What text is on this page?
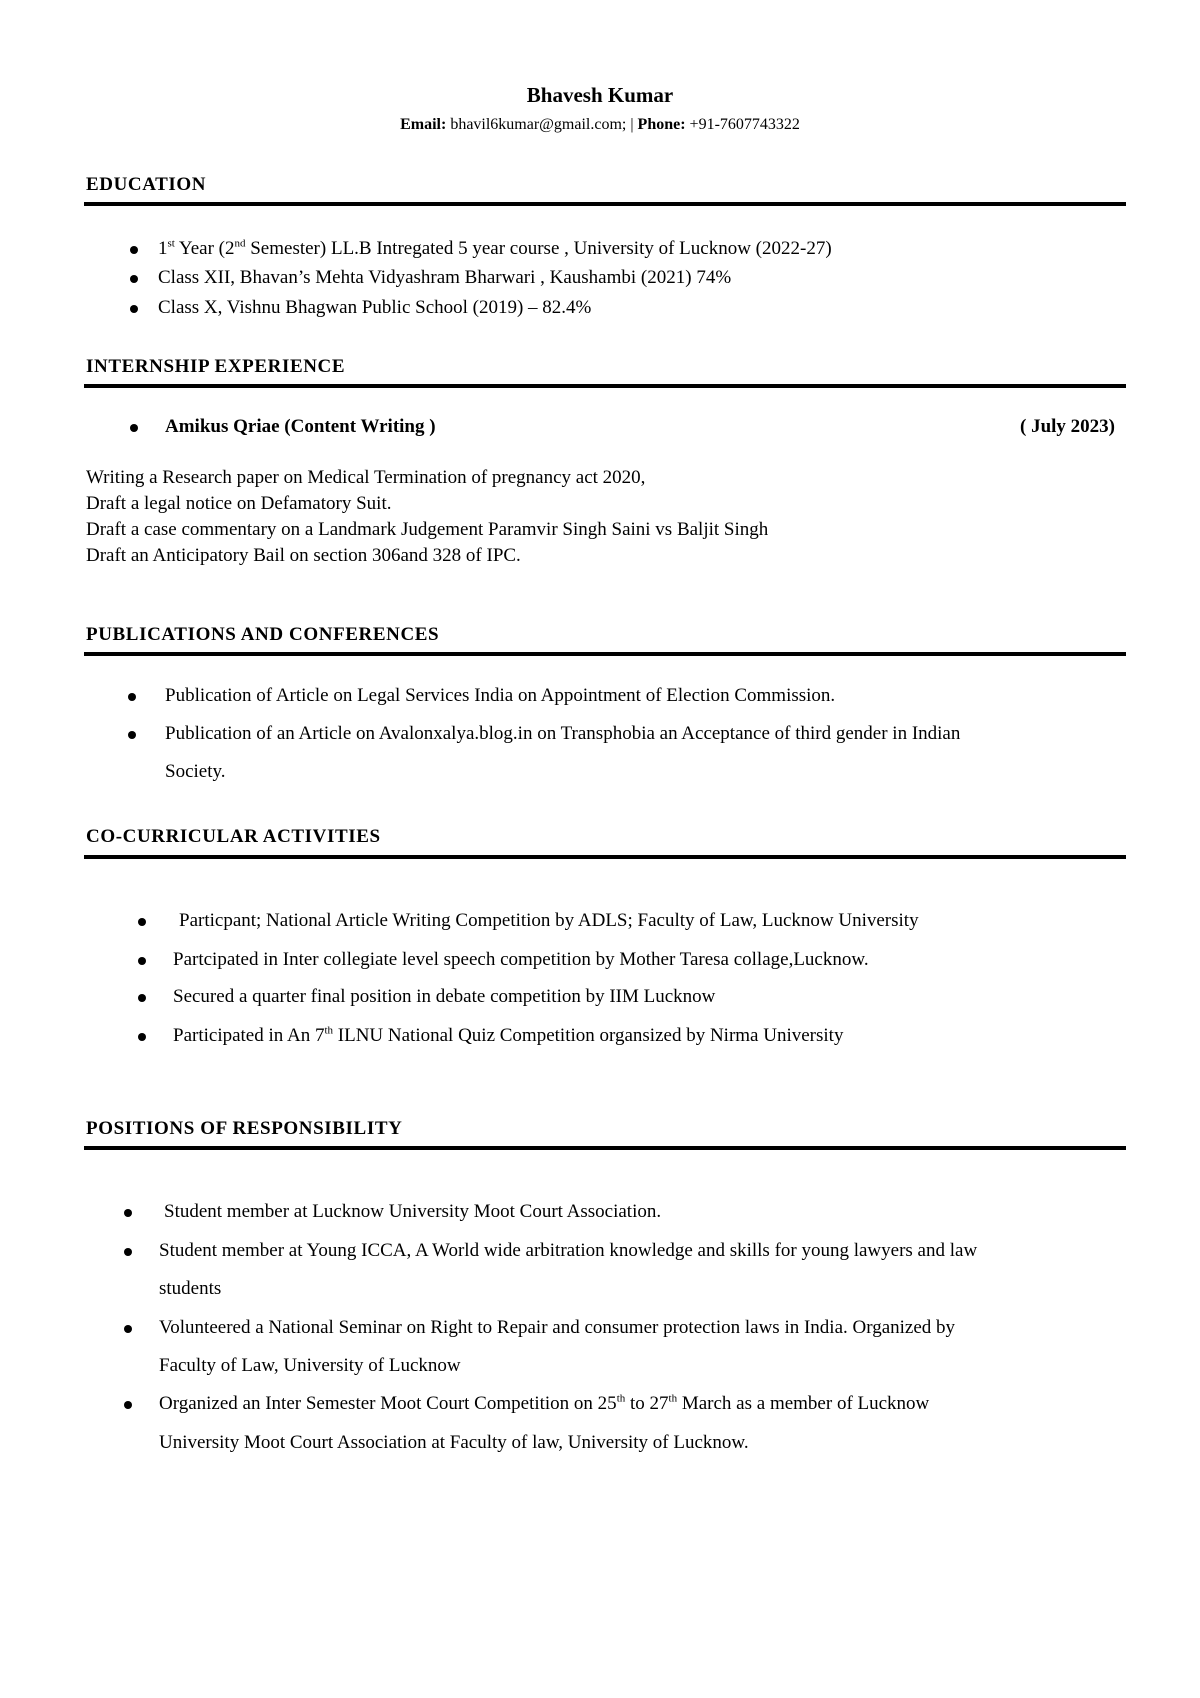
Bhavesh Kumar
Email: bhavil6kumar@gmail.com; | Phone: +91-7607743322
EDUCATION
1st Year (2nd Semester) LL.B Intregated 5 year course , University of Lucknow (2022-27)
Class XII, Bhavan’s Mehta Vidyashram Bharwari , Kaushambi (2021) 74%
Class X, Vishnu Bhagwan Public School (2019) – 82.4%
INTERNSHIP EXPERIENCE
Amikus Qriae (Content Writing )	( July 2023)
Writing a Research paper on Medical Termination of pregnancy act 2020,
Draft a legal notice on Defamatory Suit.
Draft a case commentary on a Landmark Judgement Paramvir Singh Saini vs Baljit Singh
Draft an Anticipatory Bail on section 306and 328 of IPC.
PUBLICATIONS AND CONFERENCES
Publication of Article on Legal Services India on Appointment of Election Commission.
Publication of an Article on Avalonxalya.blog.in on Transphobia an Acceptance of third gender in Indian
Society.
CO-CURRICULAR ACTIVITIES
Particpant; National Article Writing Competition by ADLS; Faculty of Law, Lucknow University
Partcipated in Inter collegiate level speech competition by Mother Taresa collage,Lucknow.
Secured a quarter final position in debate competition by IIM Lucknow
Participated in An 7th ILNU National Quiz Competition organsized by Nirma University
POSITIONS OF RESPONSIBILITY
Student member at Lucknow University Moot Court Association.
Student member at Young ICCA, A World wide arbitration knowledge and skills for young lawyers and law
students
Volunteered a National Seminar on Right to Repair and consumer protection laws in India. Organized by
Faculty of Law, University of Lucknow
Organized an Inter Semester Moot Court Competition on 25th to 27th March as a member of Lucknow
University Moot Court Association at Faculty of law, University of Lucknow.
